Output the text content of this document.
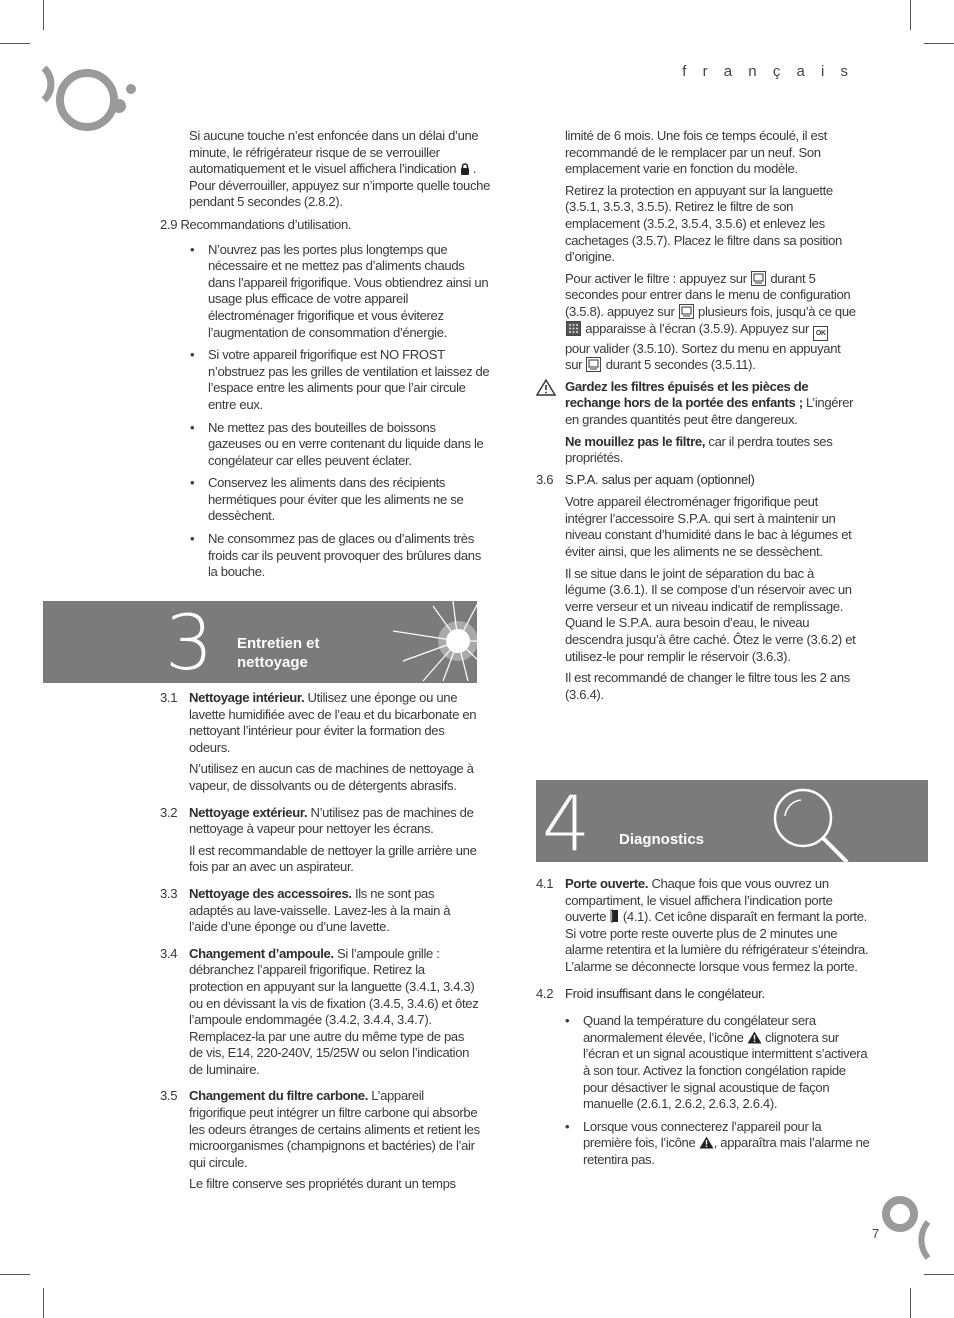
f r a n ç a i s

Si aucune touche n’est enfoncée dans un délai d’une minute, le réfrigérateur risque de se verrouiller automatiquement et le visuel affichera l’indication . Pour déverrouiller, appuyez sur n’importe quelle touche pendant 5 secondes (2.8.2).

2.9 Recommandations d’utilisation.

• N’ouvrez pas les portes plus longtemps que nécessaire et ne mettez pas d’aliments chauds dans l’appareil frigorifique. Vous obtiendrez ainsi un usage plus efficace de votre appareil électroménager frigorifique et vous éviterez l’augmentation de consommation d’énergie.
• Si votre appareil frigorifique est NO FROST n’obstruez pas les grilles de ventilation et laissez de l’espace entre les aliments pour que l’air circule entre eux.
• Ne mettez pas des bouteilles de boissons gazeuses ou en verre contenant du liquide dans le congélateur car elles peuvent éclater.
• Conservez les aliments dans des récipients hermétiques pour éviter que les aliments ne se dessèchent.
• Ne consommez pas de glaces ou d’aliments très froids car ils peuvent provoquer des brûlures dans la bouche.
3 Entretien et
nettoyage
3.1 Nettoyage intérieur. Utilisez une éponge ou une lavette humidifiée avec de l’eau et du bicarbonate en nettoyant l’intérieur pour éviter la formation des odeurs.

N’utilisez en aucun cas de machines de nettoyage à vapeur, de dissolvants ou de détergents abrasifs.

3.2 Nettoyage extérieur. N’utilisez pas de machines de nettoyage à vapeur pour nettoyer les écrans.

Il est recommandable de nettoyer la grille arrière une fois par an avec un aspirateur.

3.3 Nettoyage des accessoires. Ils ne sont pas adaptés au lave-vaisselle. Lavez-les à la main à l’aide d’une éponge ou d’une lavette.

3.4 Changement d’ampoule. Si l’ampoule grille : débranchez l’appareil frigorifique. Retirez la protection en appuyant sur la languette (3.4.1, 3.4.3) ou en dévissant la vis de fixation (3.4.5, 3.4.6) et ôtez l’ampoule endommagée (3.4.2, 3.4.4, 3.4.7). Remplacez-la par une autre du même type de pas de vis, E14, 220-240V, 15/25W ou selon l’indication de luminaire.

3.5 Changement du filtre carbone. L’appareil frigorifique peut intégrer un filtre carbone qui absorbe les odeurs étranges de certains aliments et retient les microorganismes (champignons et bactéries) de l’air qui circule.

Le filtre conserve ses propriétés durant un temps

limité de 6 mois. Une fois ce temps écoulé, il est recommandé de le remplacer par un neuf. Son emplacement varie en fonction du modèle.

Retirez la protection en appuyant sur la languette (3.5.1, 3.5.3, 3.5.5). Retirez le filtre de son emplacement (3.5.2, 3.5.4, 3.5.6) et enlevez les cachetages (3.5.7). Placez le filtre dans sa position d’origine.

Pour activer le filtre : appuyez sur durant 5 secondes pour entrer dans le menu de configuration (3.5.8). appuyez sur plusieurs fois, jusqu’à ce que  apparaisse à l’écran (3.5.9). Appuyez sur OK pour valider (3.5.10). Sortez du menu en appuyant sur durant 5 secondes (3.5.11).

Gardez les filtres épuisés et les pièces de rechange hors de la portée des enfants ; L’ingérer en grandes quantités peut être dangereux.

Ne mouillez pas le filtre, car il perdra toutes ses propriétés.

3.6 S.P.A. salus per aquam (optionnel)

Votre appareil électroménager frigorifique peut intégrer l’accessoire S.P.A. qui sert à maintenir un niveau constant d’humidité dans le bac à légumes et éviter ainsi, que les aliments ne se dessèchent.

Il se situe dans le joint de séparation du bac à légume (3.6.1). Il se compose d’un réservoir avec un verre verseur et un niveau indicatif de remplissage. Quand le S.P.A. aura besoin d’eau, le niveau descendra jusqu’à être caché. Ôtez le verre (3.6.2) et utilisez-le pour remplir le réservoir (3.6.3).

Il est recommandé de changer le filtre tous les 2 ans (3.6.4).

4 Diagnostics
4.1 Porte ouverte. Chaque fois que vous ouvrez un compartiment, le visuel affichera l’indication porte ouverte  (4.1). Cet icône disparaît en fermant la porte. Si votre porte reste ouverte plus de 2 minutes une alarme retentira et la lumière du réfrigérateur s’éteindra. L’alarme se déconnecte lorsque vous fermez la porte.

4.2 Froid insuffisant dans le congélateur.

• Quand la température du congélateur sera anormalement élevée, l’icône  clignotera sur l’écran et un signal acoustique intermittent s’activera à son tour. Activez la fonction congélation rapide pour désactiver le signal acoustique de façon manuelle (2.6.1, 2.6.2, 2.6.3, 2.6.4).
• Lorsque vous connecterez l’appareil pour la première fois, l’icône , apparaîtra mais l’alarme ne retentira pas.
7
